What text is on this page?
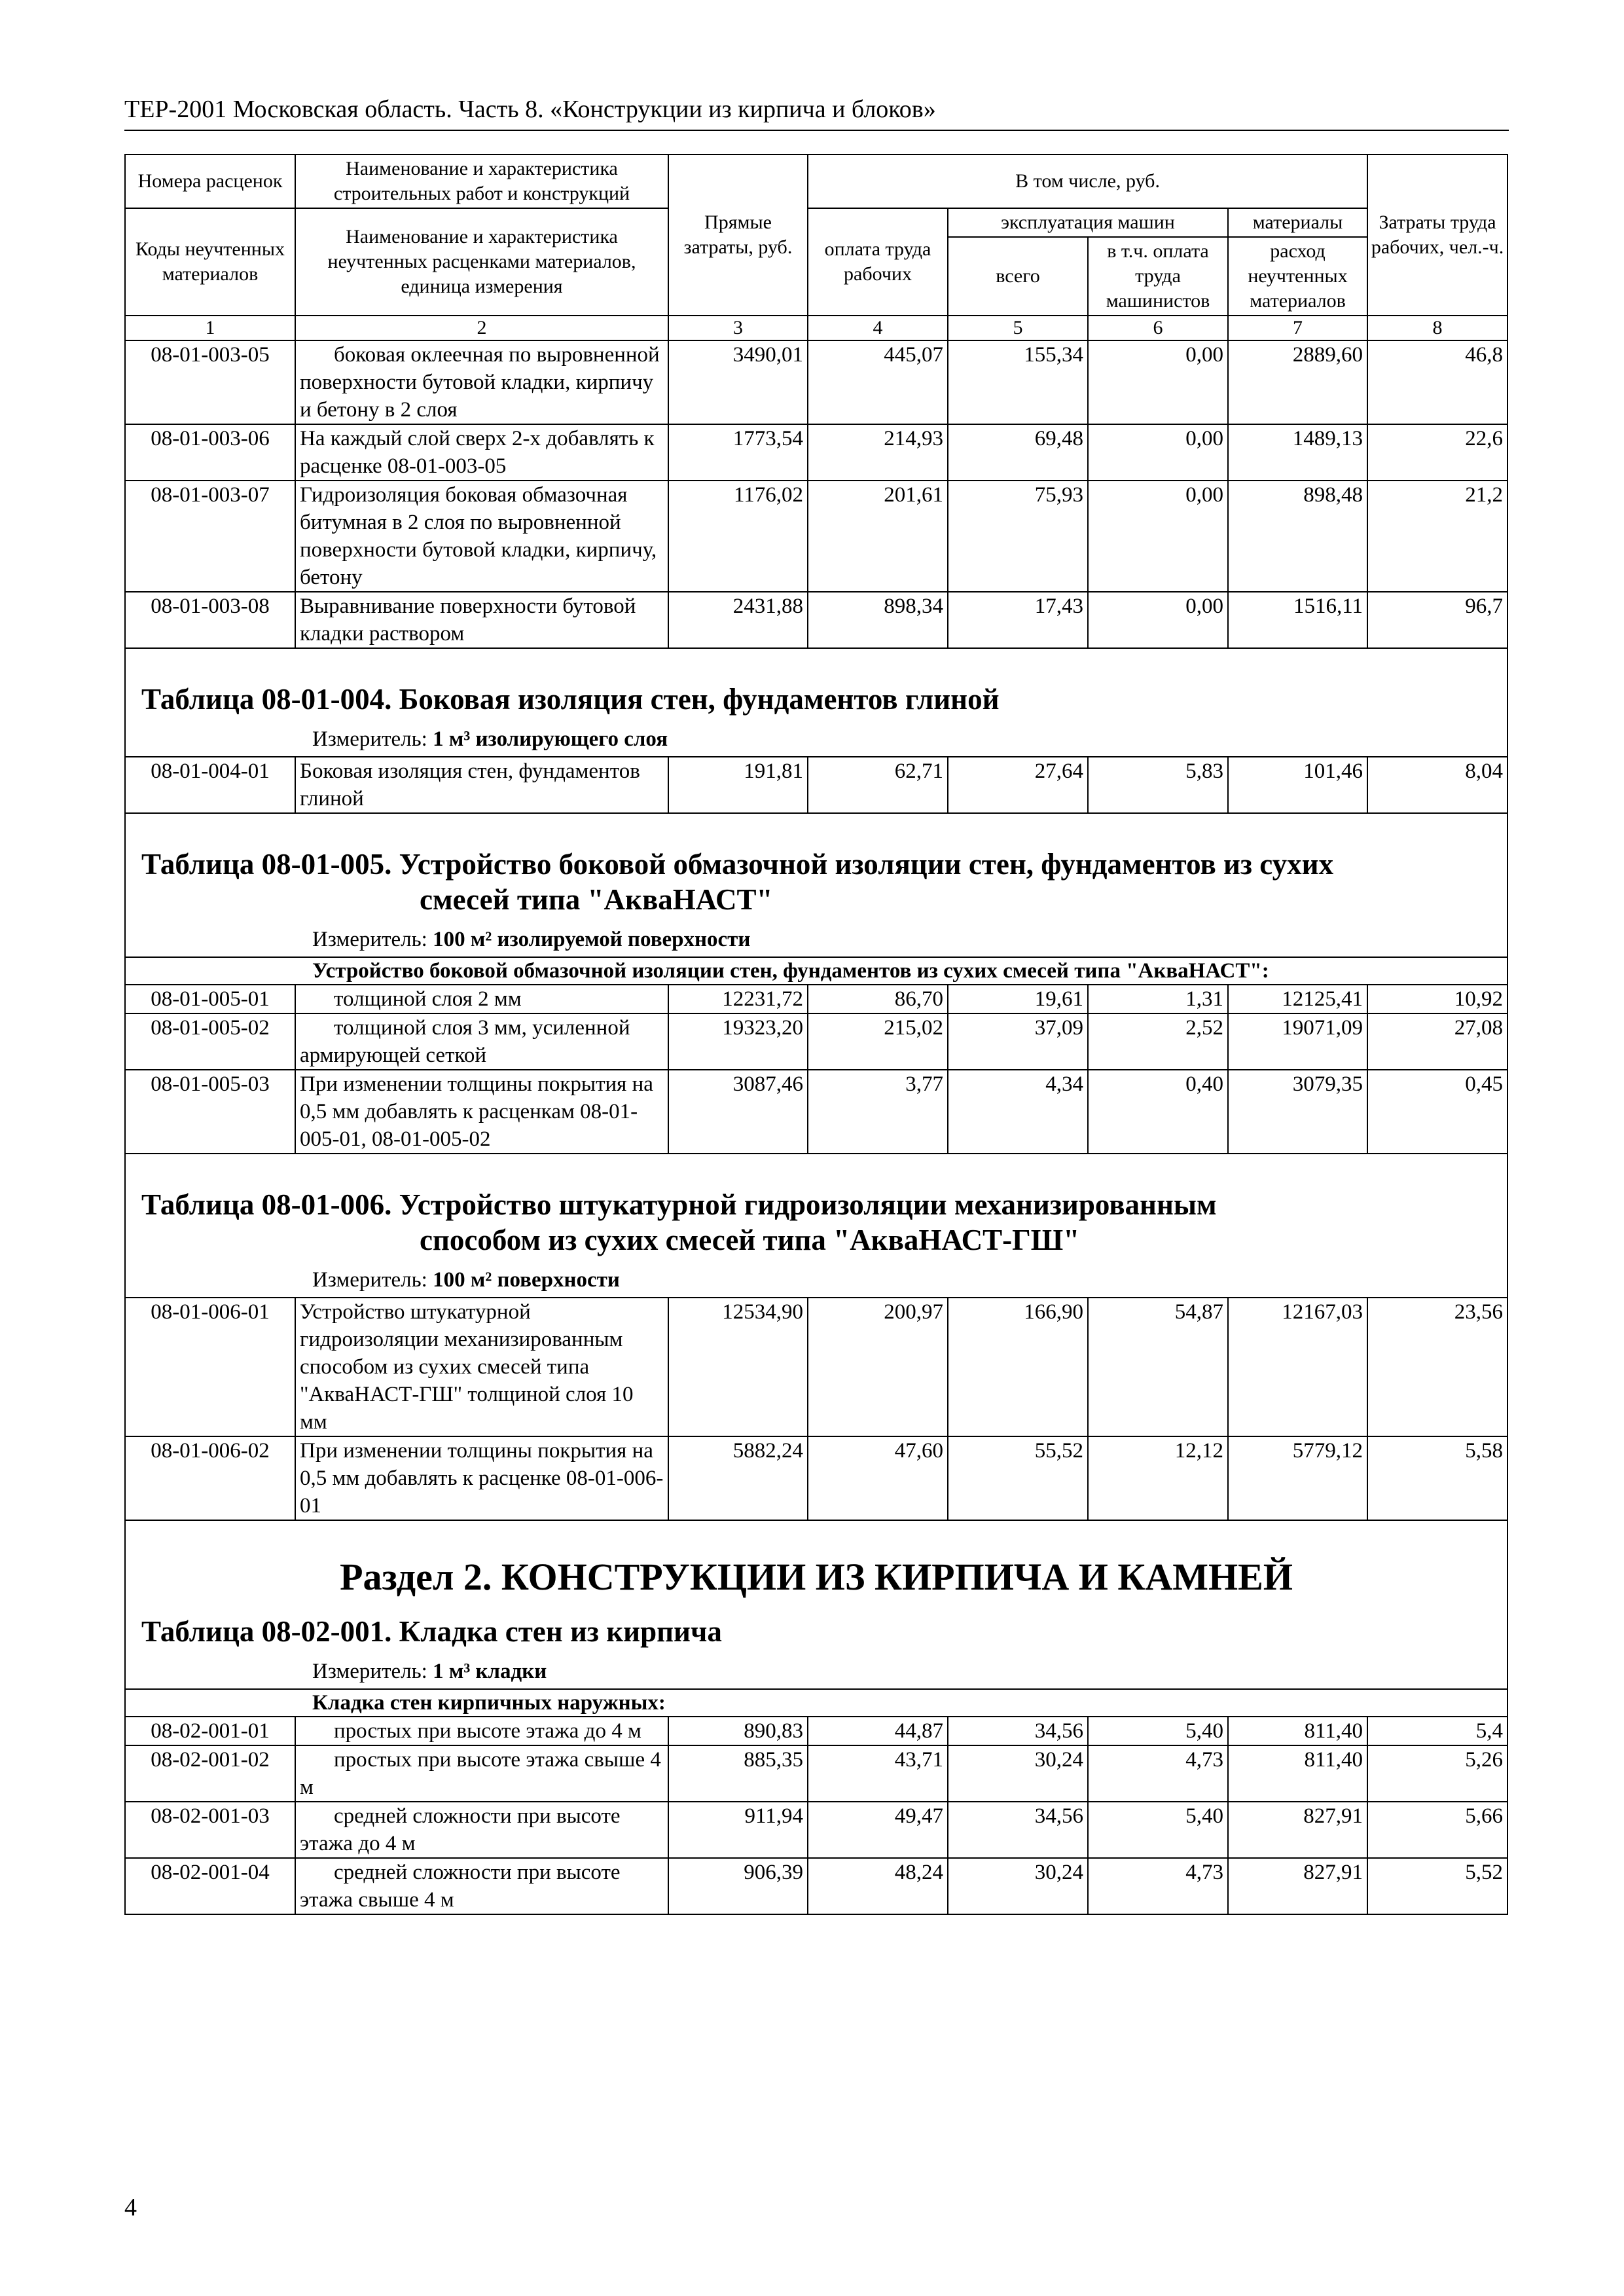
ТЕР-2001 Московская область. Часть 8. «Конструкции из кирпича и блоков»
Номера расценок	Наименование и характеристика строительных работ и конструкций	Прямые затраты, руб.	В том числе, руб.				Затраты труда рабочих, чел.-ч.
Коды неучтенных материалов	Наименование и характеристика неучтенных расценками материалов, единица измерения		оплата труда рабочих	эксплуатация машин		материалы	
				всего	в т.ч. оплата труда машинистов	расход неучтенных материалов	
1	2	3	4	5	6	7	8
08-01-003-05	боковая оклеечная по выровненной поверхности бутовой кладки, кирпичу и бетону в 2 слоя	3490,01	445,07	155,34	0,00	2889,60	46,8
08-01-003-06	На каждый слой сверх 2-х добавлять к расценке 08-01-003-05	1773,54	214,93	69,48	0,00	1489,13	22,6
08-01-003-07	Гидроизоляция боковая обмазочная битумная в 2 слоя по выровненной поверхности бутовой кладки, кирпичу, бетону	1176,02	201,61	75,93	0,00	898,48	21,2
08-01-003-08	Выравнивание поверхности бутовой кладки раствором	2431,88	898,34	17,43	0,00	1516,11	96,7
Таблица 08-01-004. Боковая изоляция стен, фундаментов глиной							
Измеритель: 1 м³ изолирующего слоя							
08-01-004-01	Боковая изоляция стен, фундаментов глиной	191,81	62,71	27,64	5,83	101,46	8,04
Таблица 08-01-005. Устройство боковой обмазочной изоляции стен, фундаментов из сухих
смесей типа "АкваНАСТ"							

Измеритель: 100 м² изолируемой поверхности							
Устройство боковой обмазочной изоляции стен, фундаментов из сухих смесей типа "АкваНАСТ":							
08-01-005-01	толщиной слоя 2 мм	12231,72	86,70	19,61	1,31	12125,41	10,92
08-01-005-02	толщиной слоя 3 мм, усиленной армирующей сеткой	19323,20	215,02	37,09	2,52	19071,09	27,08
08-01-005-03	При изменении толщины покрытия на 0,5 мм добавлять к расценкам 08-01-005-01, 08-01-005-02	3087,46	3,77	4,34	0,40	3079,35	0,45
Таблица 08-01-006. Устройство штукатурной гидроизоляции механизированным
способом из сухих смесей типа "АкваНАСТ-ГШ"							

Измеритель: 100 м² поверхности							
08-01-006-01	Устройство штукатурной гидроизоляции механизированным способом из сухих смесей типа "АкваНАСТ-ГШ" толщиной слоя 10 мм	12534,90	200,97	166,90	54,87	12167,03	23,56
08-01-006-02	При изменении толщины покрытия на 0,5 мм добавлять к расценке 08-01-006-01	5882,24	47,60	55,52	12,12	5779,12	5,58
Раздел 2. КОНСТРУКЦИИ ИЗ КИРПИЧА И КАМНЕЙ							
Таблица 08-02-001. Кладка стен из кирпича							
Измеритель: 1 м³ кладки							
Кладка стен кирпичных наружных:							
08-02-001-01	простых при высоте этажа до 4 м	890,83	44,87	34,56	5,40	811,40	5,4
08-02-001-02	простых при высоте этажа свыше 4 м	885,35	43,71	30,24	4,73	811,40	5,26
08-02-001-03	средней сложности при высоте этажа до 4 м	911,94	49,47	34,56	5,40	827,91	5,66
08-02-001-04	средней сложности при высоте этажа свыше 4 м	906,39	48,24	30,24	4,73	827,91	5,52
4
